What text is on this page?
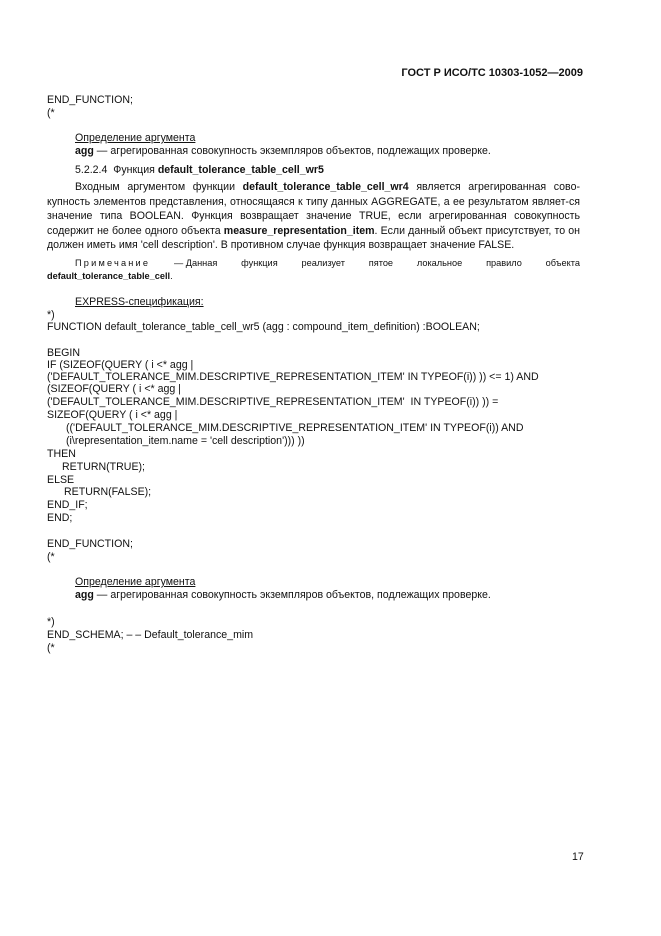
ГОСТ Р ИСО/ТС 10303-1052—2009
END_FUNCTION;
(*
Определение аргумента
agg — агрегированная совокупность экземпляров объектов, подлежащих проверке.
5.2.2.4 Функция default_tolerance_table_cell_wr5
Входным аргументом функции default_tolerance_table_cell_wr4 является агрегированная сово-купность элементов представления, относящаяся к типу данных AGGREGATE, а ее результатом являет-ся значение типа BOOLEAN. Функция возвращает значение TRUE, если агрегированная совокупность содержит не более одного объекта measure_representation_item. Если данный объект присутствует, то он должен иметь имя 'cell description'. В противном случае функция возвращает значение FALSE.
Примечание	— Данная	функция	реализует	пятое	локальное	правило	объекта
default_tolerance_table_cell.
EXPRESS-спецификация:
*)
FUNCTION default_tolerance_table_cell_wr5 (agg : compound_item_definition) :BOOLEAN;
BEGIN
IF (SIZEOF(QUERY ( i <* agg |
('DEFAULT_TOLERANCE_MIM.DESCRIPTIVE_REPRESENTATION_ITEM' IN TYPEOF(i)) )) <= 1) AND
(SIZEOF(QUERY ( i <* agg |
('DEFAULT_TOLERANCE_MIM.DESCRIPTIVE_REPRESENTATION_ITEM'  IN TYPEOF(i)) )) =
SIZEOF(QUERY ( i <* agg |
(('DEFAULT_TOLERANCE_MIM.DESCRIPTIVE_REPRESENTATION_ITEM' IN TYPEOF(i)) AND
(i\representation_item.name = 'cell description'))) ))
THEN
RETURN(TRUE);
ELSE
RETURN(FALSE);
END_IF;
END;
END_FUNCTION;
(*
Определение аргумента
agg — агрегированная совокупность экземпляров объектов, подлежащих проверке.
*)
END_SCHEMA; – – Default_tolerance_mim
(*
17
